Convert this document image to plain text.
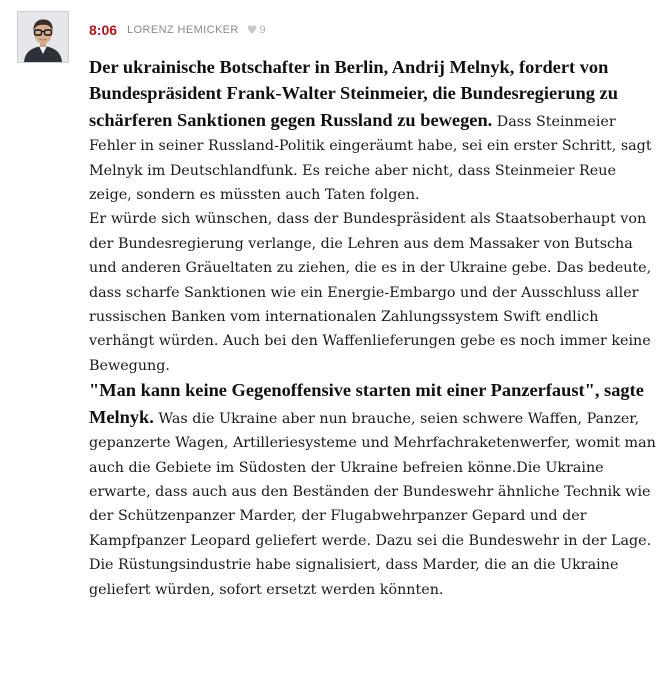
8:06 LORENZ HEMICKER ♥ 9

Der ukrainische Botschafter in Berlin, Andrij Melnyk, fordert von Bundespräsident Frank-Walter Steinmeier, die Bundesregierung zu schärferen Sanktionen gegen Russland zu bewegen. Dass Steinmeier Fehler in seiner Russland-Politik eingeräumt habe, sei ein erster Schritt, sagt Melnyk im Deutschlandfunk. Es reiche aber nicht, dass Steinmeier Reue zeige, sondern es müssten auch Taten folgen.

Er würde sich wünschen, dass der Bundespräsident als Staatsoberhaupt von der Bundesregierung verlange, die Lehren aus dem Massaker von Butscha und anderen Gräueltaten zu ziehen, die es in der Ukraine gebe. Das bedeute, dass scharfe Sanktionen wie ein Energie-Embargo und der Ausschluss aller russischen Banken vom internationalen Zahlungssystem Swift endlich verhängt würden. Auch bei den Waffenlieferungen gebe es noch immer keine Bewegung.

"Man kann keine Gegenoffensive starten mit einer Panzerfaust", sagte Melnyk. Was die Ukraine aber nun brauche, seien schwere Waffen, Panzer, gepanzerte Wagen, Artilleriesysteme und Mehrfachraketenwerfer, womit man auch die Gebiete im Südosten der Ukraine befreien könne.Die Ukraine erwarte, dass auch aus den Beständen der Bundeswehr ähnliche Technik wie der Schützenpanzer Marder, der Flugabwehrpanzer Gepard und der Kampfpanzer Leopard geliefert werde. Dazu sei die Bundeswehr in der Lage. Die Rüstungsindustrie habe signalisiert, dass Marder, die an die Ukraine geliefert würden, sofort ersetzt werden könnten.
